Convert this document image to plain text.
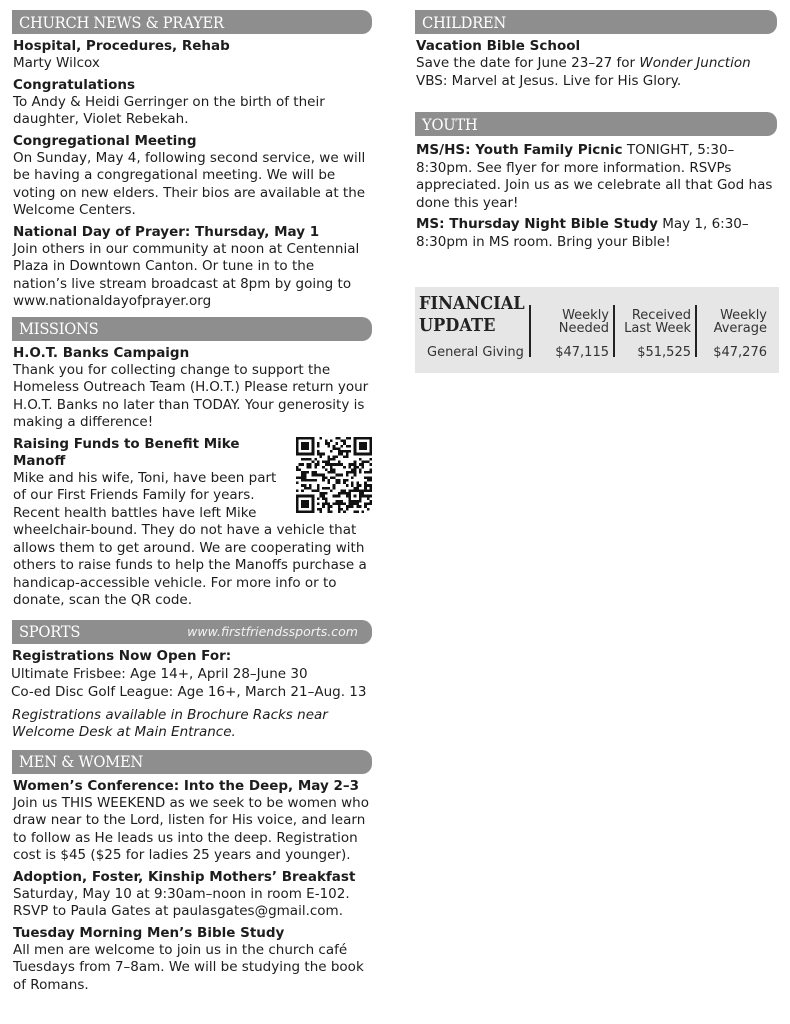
CHURCH NEWS & PRAYER
Hospital, Procedures, Rehab
Marty Wilcox
Congratulations
To Andy & Heidi Gerringer on the birth of their daughter, Violet Rebekah.
Congregational Meeting
On Sunday, May 4, following second service, we will be having a congregational meeting. We will be voting on new elders. Their bios are available at the Welcome Centers.
National Day of Prayer: Thursday, May 1
Join others in our community at noon at Centennial Plaza in Downtown Canton. Or tune in to the nation’s live stream broadcast at 8pm by going to www.nationaldayofprayer.org
MISSIONS
H.O.T. Banks Campaign
Thank you for collecting change to support the Homeless Outreach Team (H.O.T.) Please return your H.O.T. Banks no later than TODAY. Your generosity is making a difference!
Raising Funds to Benefit Mike Manoff
Mike and his wife, Toni, have been part of our First Friends Family for years. Recent health battles have left Mike wheelchair-bound. They do not have a vehicle that allows them to get around. We are cooperating with others to raise funds to help the Manoffs purchase a handicap-accessible vehicle. For more info or to donate, scan the QR code.
SPORTS	www.firstfriendssports.com
Registrations Now Open For:
Ultimate Frisbee: Age 14+, April 28–June 30
Co-ed Disc Golf League: Age 16+, March 21–Aug. 13
Registrations available in Brochure Racks near Welcome Desk at Main Entrance.
MEN & WOMEN
Women’s Conference: Into the Deep, May 2–3
Join us THIS WEEKEND as we seek to be women who draw near to the Lord, listen for His voice, and learn to follow as He leads us into the deep. Registration cost is $45 ($25 for ladies 25 years and younger).
Adoption, Foster, Kinship Mothers’ Breakfast
Saturday, May 10 at 9:30am–noon in room E-102. RSVP to Paula Gates at paulasgates@gmail.com.
Tuesday Morning Men’s Bible Study
All men are welcome to join us in the church café Tuesdays from 7–8am. We will be studying the book of Romans.
CHILDREN
Vacation Bible School
Save the date for June 23–27 for Wonder Junction
VBS: Marvel at Jesus. Live for His Glory.
YOUTH
MS/HS: Youth Family Picnic TONIGHT, 5:30–8:30pm. See flyer for more information. RSVPs appreciated. Join us as we celebrate all that God has done this year!
MS: Thursday Night Bible Study May 1, 6:30–8:30pm in MS room. Bring your Bible!
FINANCIAL
UPDATE	Weekly
Needed
Received
Last Week
Weekly
Average
General Giving $47,115 $51,525 $47,276
